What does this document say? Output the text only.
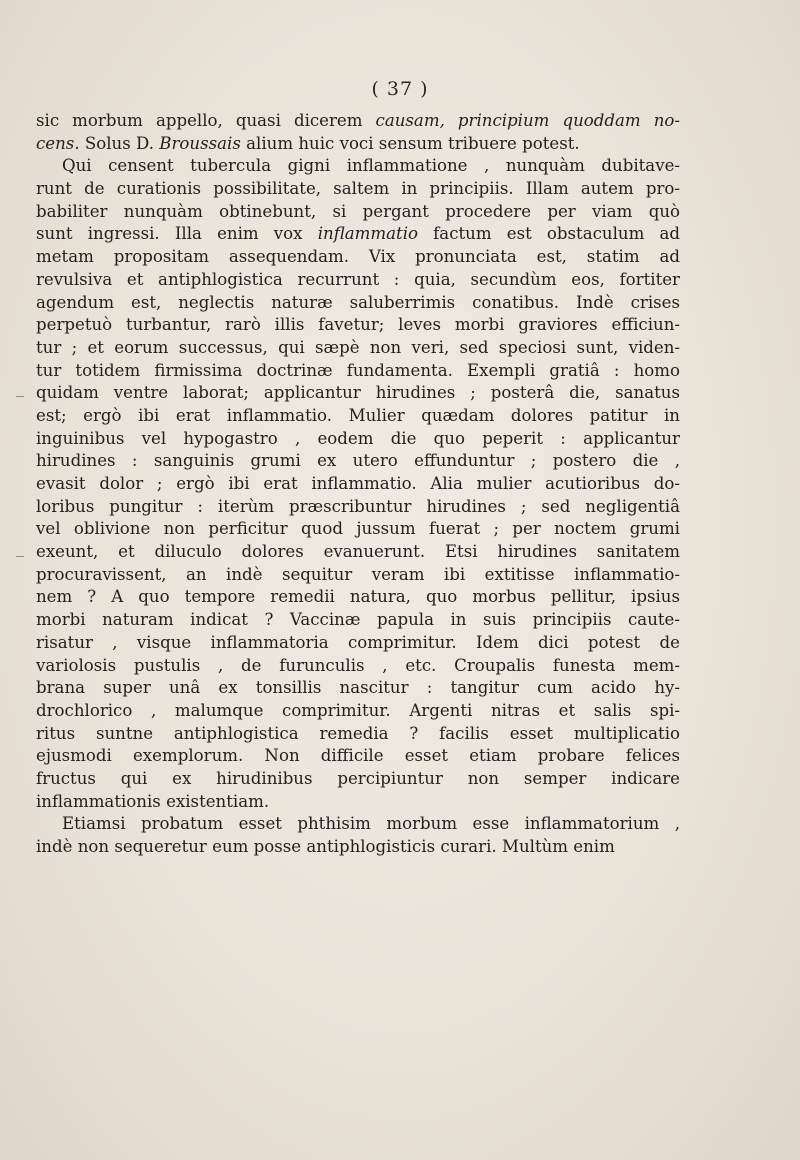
( 37 )
sic morbum appello, quasi dicerem causam, principium quoddam no-
cens. Solus D. Broussais alium huic voci sensum tribuere potest.
Qui censent tubercula gigni inflammatione , nunquàm dubitave-
runt de curationis possibilitate, saltem in principiis. Illam autem pro-
babiliter nunquàm obtinebunt, si pergant procedere per viam quò
sunt ingressi. Illa enim vox inflammatio factum est obstaculum ad
metam propositam assequendam. Vix pronunciata est, statim ad
revulsiva et antiphlogistica recurrunt : quia, secundùm eos, fortiter
agendum est, neglectis naturæ saluberrimis conatibus. Indè crises
perpetuò turbantur, rarò illis favetur; leves morbi graviores efficiun-
tur ; et eorum successus, qui sæpè non veri, sed speciosi sunt, viden-
tur totidem firmissima doctrinæ fundamenta. Exempli gratiâ : homo
quidam ventre laborat; applicantur hirudines ; posterâ die, sanatus
est; ergò ibi erat inflammatio. Mulier quædam dolores patitur in
inguinibus vel hypogastro , eodem die quo peperit : applicantur
hirudines : sanguinis grumi ex utero effunduntur ; postero die ,
evasit dolor ; ergò ibi erat inflammatio. Alia mulier acutioribus do-
loribus pungitur : iterùm præscribuntur hirudines ; sed negligentiâ
vel oblivione non perficitur quod jussum fuerat ; per noctem grumi
exeunt, et diluculo dolores evanuerunt. Etsi hirudines sanitatem
procuravissent, an indè sequitur veram ibi extitisse inflammatio-
nem ? A quo tempore remedii natura, quo morbus pellitur, ipsius
morbi naturam indicat ? Vaccinæ papula in suis principiis caute-
risatur , visque inflammatoria comprimitur. Idem dici potest de
variolosis pustulis , de furunculis , etc. Croupalis funesta mem-
brana super unâ ex tonsillis nascitur : tangitur cum acido hy-
drochlorico , malumque comprimitur. Argenti nitras et salis spi-
ritus suntne antiphlogistica remedia ? facilis esset multiplicatio
ejusmodi exemplorum. Non difficile esset etiam probare felices
fructus qui ex hirudinibus percipiuntur non semper indicare
inflammationis existentiam.
Etiamsi probatum esset phthisim morbum esse inflammatorium ,
indè non sequeretur eum posse antiphlogisticis curari. Multùm enim
‾
‾
